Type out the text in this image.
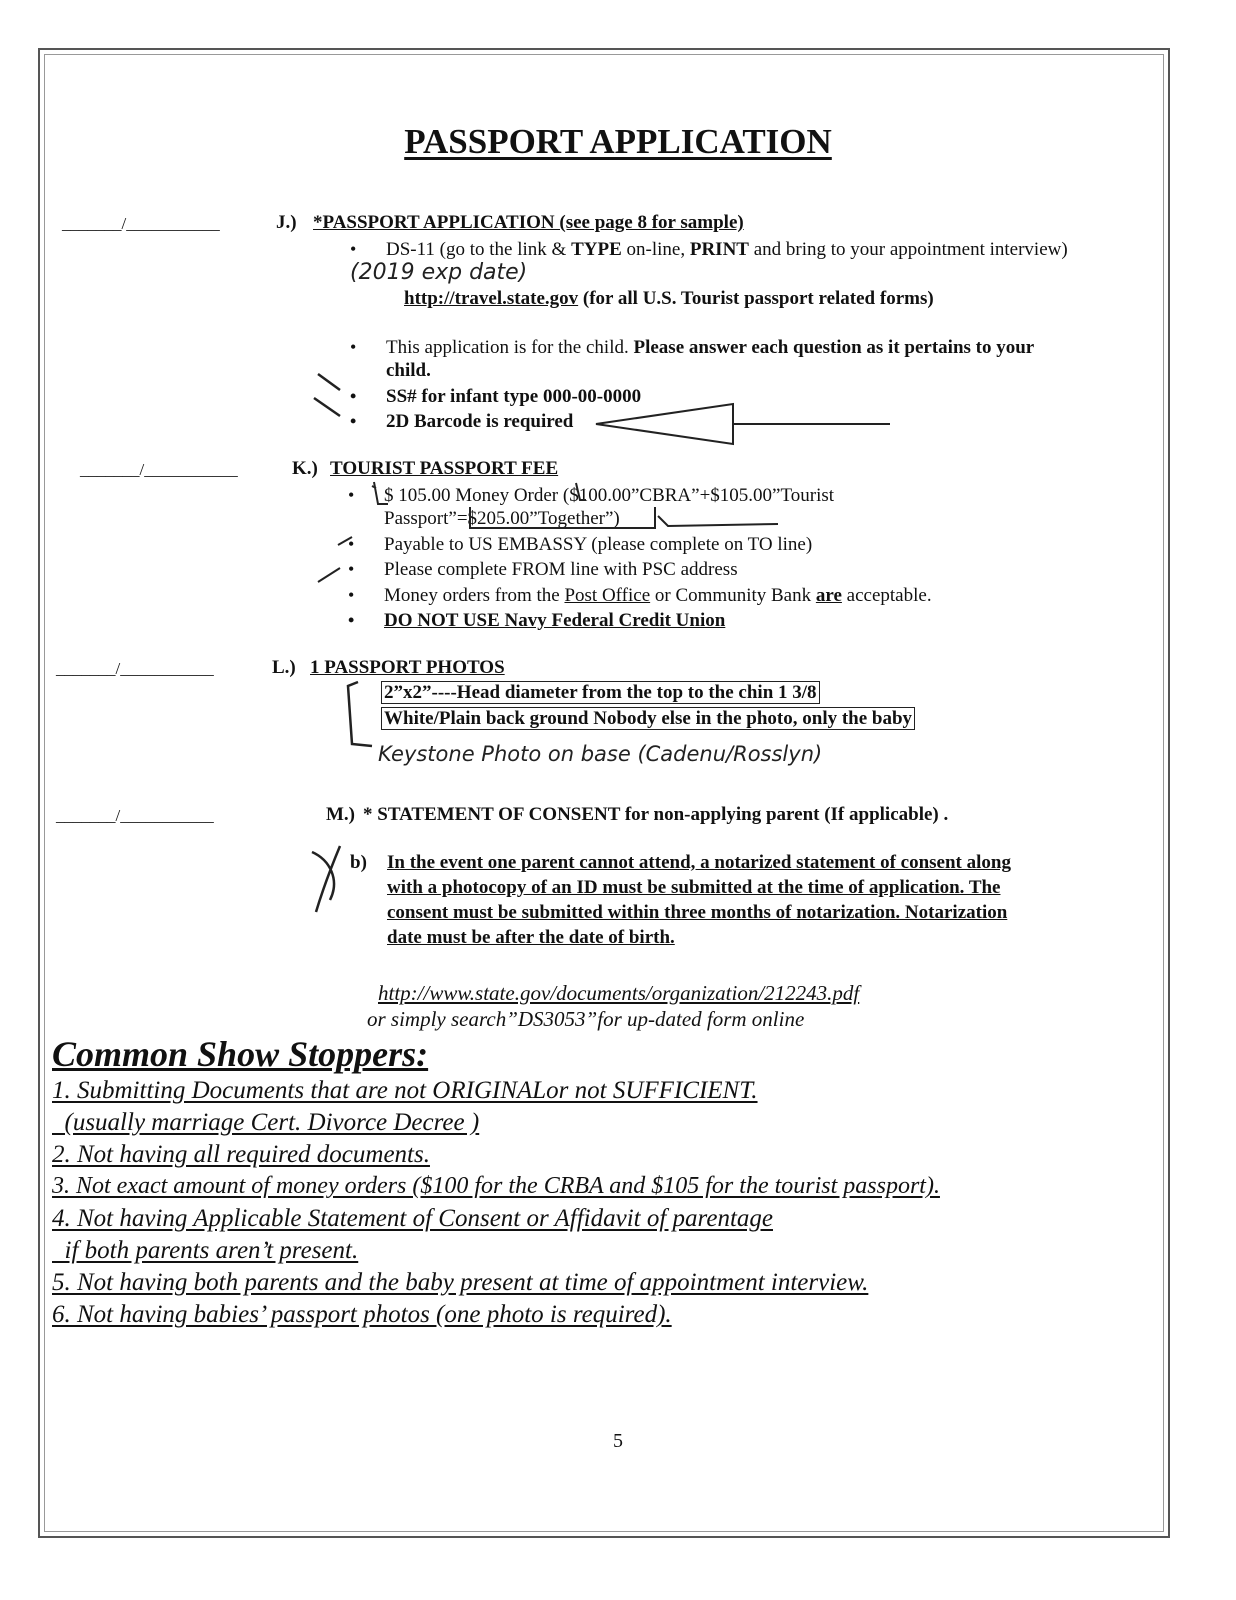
PASSPORT APPLICATION
_______/___________	J.) *PASSPORT APPLICATION (see page 8 for sample)
• DS-11 (go to the link & TYPE on-line, PRINT and bring to your appointment interview)
(2019 exp date)
http://travel.state.gov (for all U.S. Tourist passport related forms)
• This application is for the child. Please answer each question as it pertains to your
child.
• SS# for infant type 000-00-0000
• 2D Barcode is required
_______/___________	K.) TOURIST PASSPORT FEE
• $ 105.00 Money Order ($100.00”CBRA”+$105.00”Tourist
Passport”=$205.00”Together”)
• Payable to US EMBASSY (please complete on TO line)
• Please complete FROM line with PSC address
• Money orders from the Post Office or Community Bank are acceptable.
• DO NOT USE Navy Federal Credit Union
_______/___________	L.) 1 PASSPORT PHOTOS
2”x2”----Head diameter from the top to the chin 1 3/8
White/Plain back ground Nobody else in the photo, only the baby
Keystone Photo on base (Cadenu/Rosslyn)
_______/___________	M.) * STATEMENT OF CONSENT for non-applying parent (If applicable) .
b) In the event one parent cannot attend, a notarized statement of consent along
with a photocopy of an ID must be submitted at the time of application. The
consent must be submitted within three months of notarization. Notarization
date must be after the date of birth.
http://www.state.gov/documents/organization/212243.pdf
or simply search”DS3053”for up-dated form online
Common Show Stoppers:
1. Submitting Documents that are not ORIGINALor not SUFFICIENT.
(usually marriage Cert. Divorce Decree )
2. Not having all required documents.
3. Not exact amount of money orders ($100 for the CRBA and $105 for the tourist passport).
4. Not having Applicable Statement of Consent or Affidavit of parentage
if both parents aren’t present.
5. Not having both parents and the baby present at time of appointment interview.
6. Not having babies’ passport photos (one photo is required).
5
